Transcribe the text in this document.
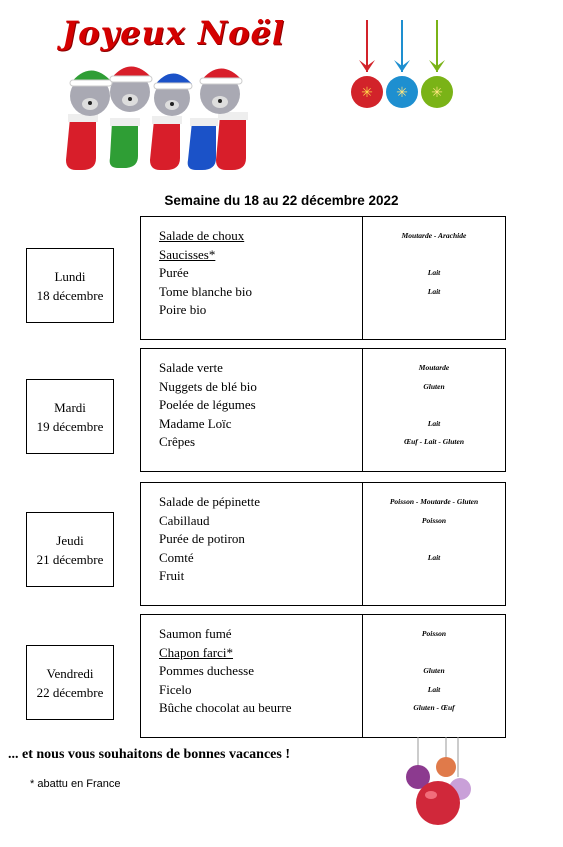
Joyeux Noël
✳ ✳ ✳
Semaine du 18 au 22 décembre 2022
Lundi
18 décembre
Salade de choux
Saucisses*
Purée
Tome blanche bio
Poire bio
Moutarde - Arachide
Lait
Lait
Mardi
19 décembre
Salade verte
Nuggets de blé bio
Poelée de légumes
Madame Loïc
Crêpes
Moutarde
Gluten
Lait
Œuf - Lait - Gluten
Jeudi
21 décembre
Salade de pépinette
Cabillaud
Purée de potiron
Comté
Fruit
Poisson - Moutarde - Gluten
Poisson
Lait
Vendredi
22 décembre
Saumon fumé
Chapon farci*
Pommes duchesse
Ficelo
Bûche chocolat au beurre
Poisson
Gluten
Lait
Gluten - Œuf
... et nous vous souhaitons de bonnes vacances !
* abattu en France
